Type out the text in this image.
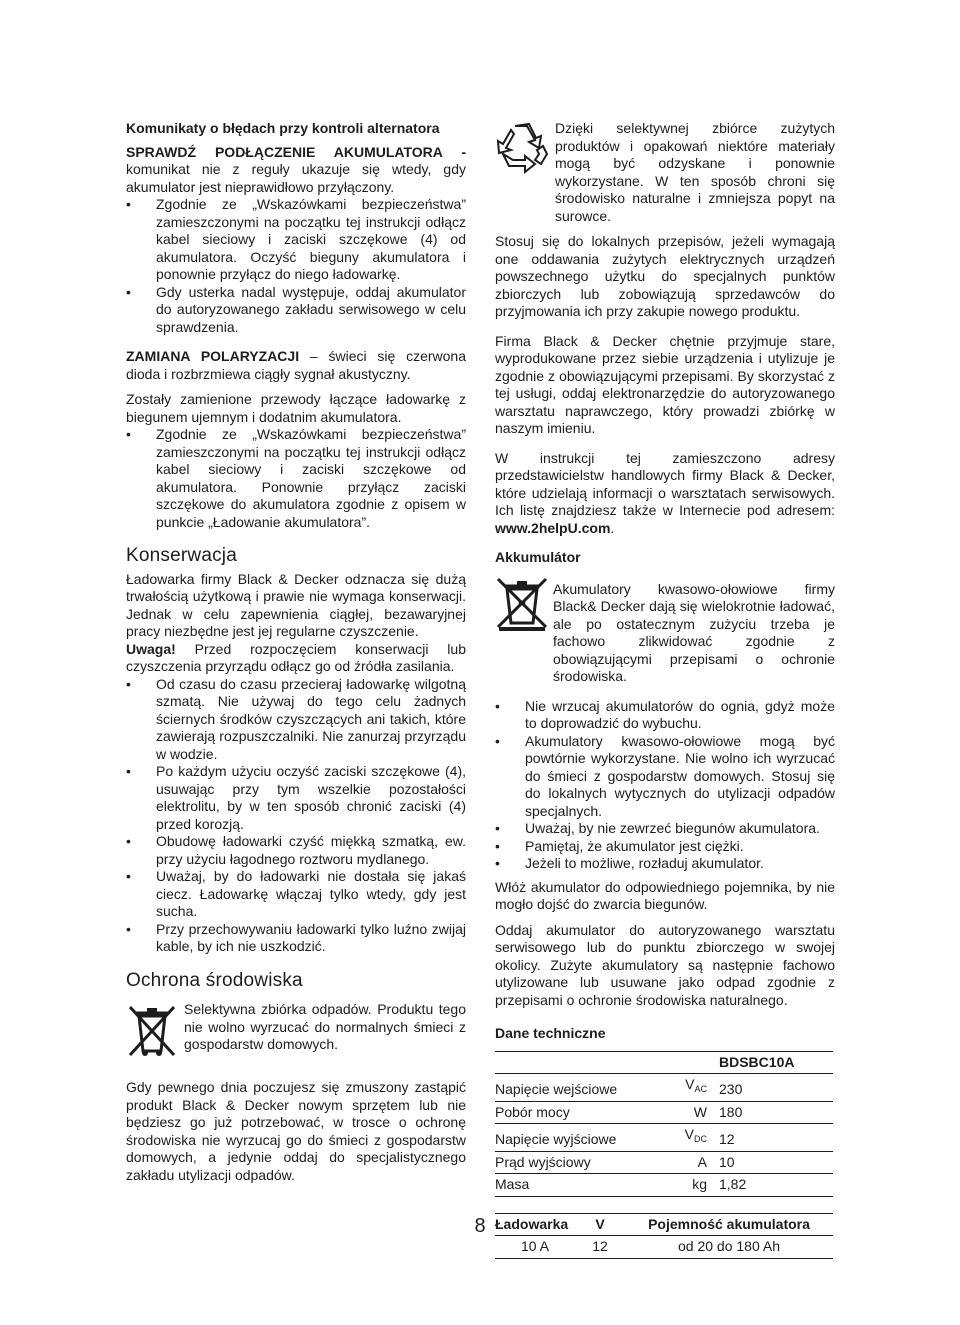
Komunikaty o błędach przy kontroli alternatora

SPRAWDŹ PODŁĄCZENIE AKUMULATORA - komunikat nie z reguły ukazuje się wtedy, gdy akumulator jest nieprawidłowo przyłączony.

• Zgodnie ze „Wskazówkami bezpieczeństwa” zamieszczonymi na początku tej instrukcji odłącz kabel sieciowy i zaciski szczękowe (4) od akumulatora. Oczyść bieguny akumulatora i ponownie przyłącz do niego ładowarkę.
• Gdy usterka nadal występuje, oddaj akumulator do autoryzowanego zakładu serwisowego w celu sprawdzenia.

ZAMIANA POLARYZACJI – świeci się czerwona dioda i rozbrzmiewa ciągły sygnał akustyczny.

Zostały zamienione przewody łączące ładowarkę z biegunem ujemnym i dodatnim akumulatora.

• Zgodnie ze „Wskazówkami bezpieczeństwa” zamieszczonymi na początku tej instrukcji odłącz kabel sieciowy i zaciski szczękowe od akumulatora. Ponownie przyłącz zaciski szczękowe do akumulatora zgodnie z opisem w punkcie „Ładowanie akumulatora”.
Konserwacja

Ładowarka firmy Black & Decker odznacza się dużą trwałością użytkową i prawie nie wymaga konserwacji. Jednak w celu zapewnienia ciągłej, bezawaryjnej pracy niezbędne jest jej regularne czyszczenie.

Uwaga! Przed rozpoczęciem konserwacji lub czyszczenia przyrządu odłącz go od źródła zasilania.

• Od czasu do czasu przecieraj ładowarkę wilgotną szmatą. Nie używaj do tego celu żadnych ściernych środków czyszczących ani takich, które zawierają rozpuszczalniki. Nie zanurzaj przyrządu w wodzie.
• Po każdym użyciu oczyść zaciski szczękowe (4), usuwając przy tym wszelkie pozostałości elektrolitu, by w ten sposób chronić zaciski (4) przed korozją.
• Obudowę ładowarki czyść miękką szmatką, ew. przy użyciu łagodnego roztworu mydlanego.
• Uważaj, by do ładowarki nie dostała się jakaś ciecz. Ładowarkę włączaj tylko wtedy, gdy jest sucha.
• Przy przechowywaniu ładowarki tylko luźno zwijaj kable, by ich nie uszkodzić.
Ochrona środowiska

Selektywna zbiórka odpadów. Produktu tego nie wolno wyrzucać do normalnych śmieci z gospodarstw domowych.

Gdy pewnego dnia poczujesz się zmuszony zastąpić produkt Black & Decker nowym sprzętem lub nie będziesz go już potrzebować, w trosce o ochronę środowiska nie wyrzucaj go do śmieci z gospodarstw domowych, a jedynie oddaj do specjalistycznego zakładu utylizacji odpadów.

Dzięki selektywnej zbiórce zużytych produktów i opakowań niektóre materiały mogą być odzyskane i ponownie wykorzystane. W ten sposób chroni się środowisko naturalne i zmniejsza popyt na surowce.

Stosuj się do lokalnych przepisów, jeżeli wymagają one oddawania zużytych elektrycznych urządzeń powszechnego użytku do specjalnych punktów zbiorczych lub zobowiązują sprzedawców do przyjmowania ich przy zakupie nowego produktu.

Firma Black & Decker chętnie przyjmuje stare, wyprodukowane przez siebie urządzenia i utylizuje je zgodnie z obowiązującymi przepisami. By skorzystać z tej usługi, oddaj elektronarzędzie do autoryzowanego warsztatu naprawczego, który prowadzi zbiórkę w naszym imieniu.

W instrukcji tej zamieszczono adresy przedstawicielstw handlowych firmy Black & Decker, które udzielają informacji o warsztatach serwisowych. Ich listę znajdziesz także w Internecie pod adresem: www.2helpU.com.

Akkumulátor
H

Akumulatory kwasowo-ołowiowe firmy Black& Decker dają się wielokrotnie ładować, ale po ostatecznym zużyciu trzeba je fachowo zlikwidować zgodnie z obowiązującymi przepisami o ochronie środowiska.

• Nie wrzucaj akumulatorów do ognia, gdyż może to doprowadzić do wybuchu.
• Akumulatory kwasowo-ołowiowe mogą być powtórnie wykorzystane. Nie wolno ich wyrzucać do śmieci z gospodarstw domowych. Stosuj się do lokalnych wytycznych do utylizacji odpadów specjalnych.
• Uważaj, by nie zewrzeć biegunów akumulatora.
• Pamiętaj, że akumulator jest ciężki.
• Jeżeli to możliwe, rozładuj akumulator.

Włóż akumulator do odpowiedniego pojemnika, by nie mogło dojść do zwarcia biegunów.

Oddaj akumulator do autoryzowanego warsztatu serwisowego lub do punktu zbiorczego w swojej okolicy. Zużyte akumulatory są następnie fachowo utylizowane lub usuwane jako odpad zgodnie z przepisami o ochronie środowiska naturalnego.

Dane techniczne
		BDSBC10A
Napięcie wejściowe	$V_{AC}$	230
Pobór mocy	W	180
Napięcie wyjściowe	$V_{DC}$	12
Prąd wyjściowy	A	10
Masa	kg	1,82
Ładowarka	V	Pojemność akumulatora
10 A	12	od 20 do 180 Ah
8
